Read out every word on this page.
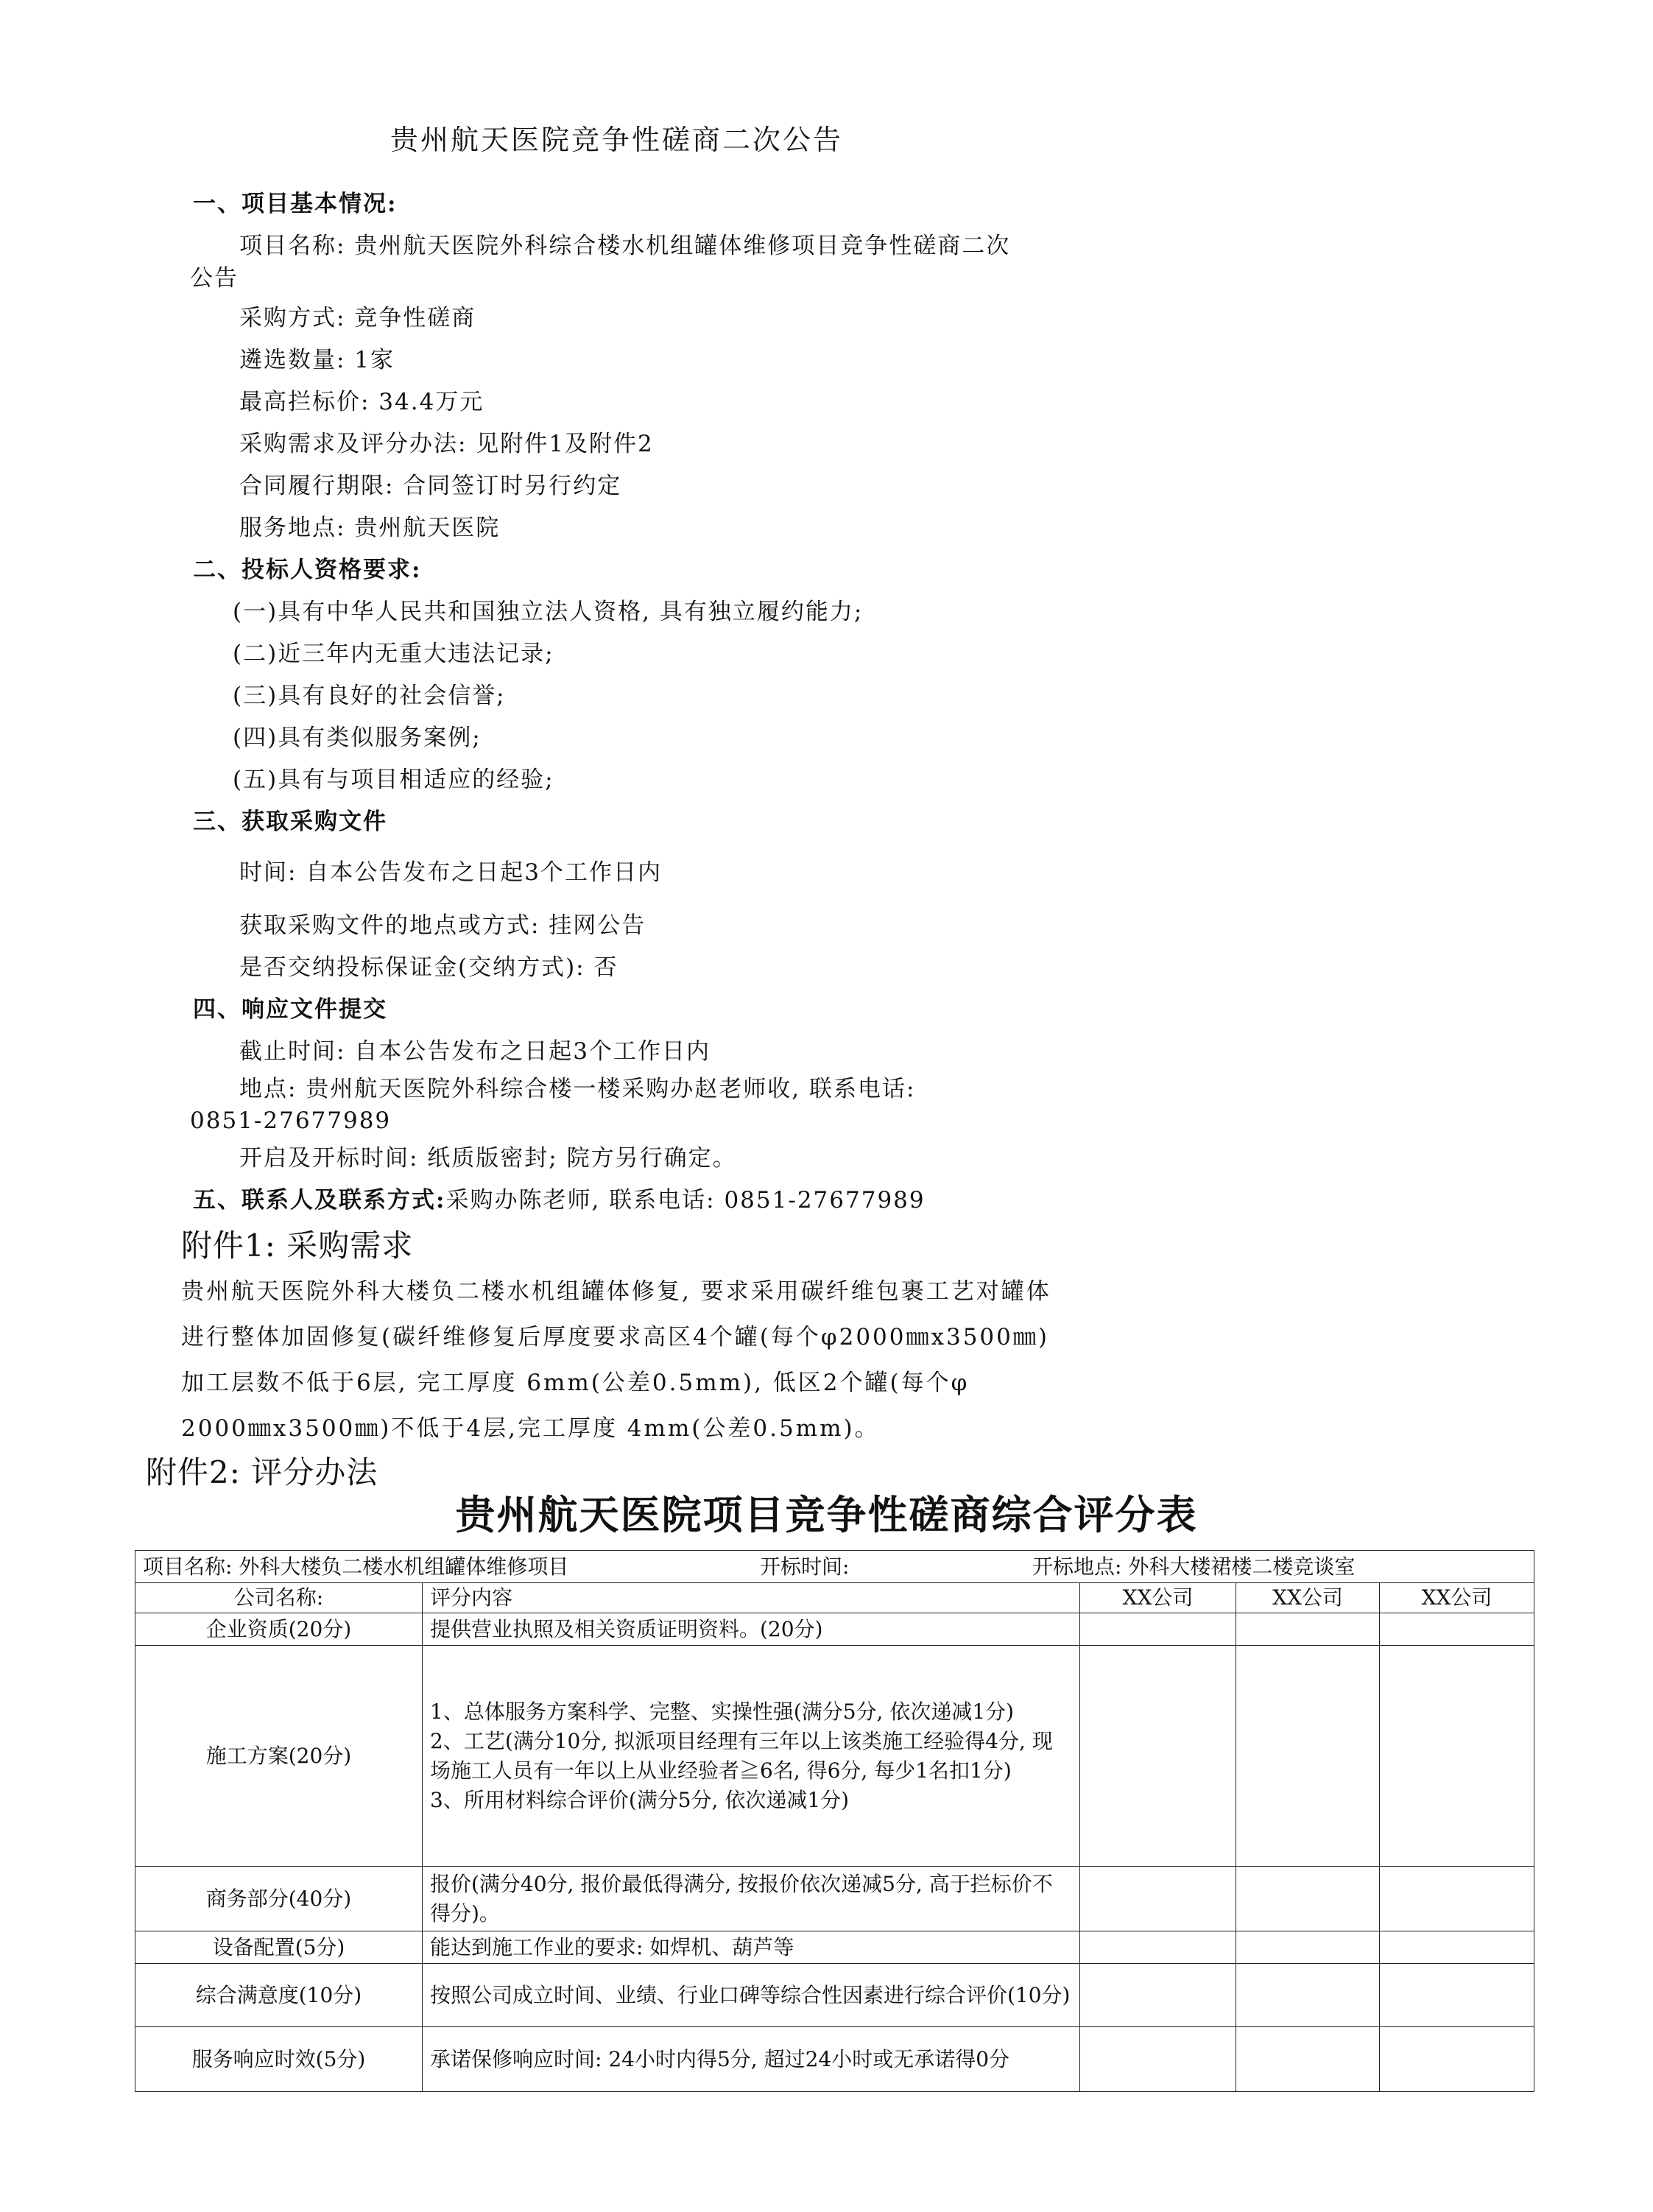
贵州航天医院竞争性磋商二次公告
一、项目基本情况:
项目名称: 贵州航天医院外科综合楼水机组罐体维修项目竞争性磋商二次
公告
采购方式: 竞争性磋商
遴选数量: 1家
最高拦标价: 34.4万元
采购需求及评分办法: 见附件1及附件2
合同履行期限: 合同签订时另行约定
服务地点: 贵州航天医院
二、投标人资格要求:
(一)具有中华人民共和国独立法人资格, 具有独立履约能力;
(二)近三年内无重大违法记录;
(三)具有良好的社会信誉;
(四)具有类似服务案例;
(五)具有与项目相适应的经验;
三、获取采购文件
时间: 自本公告发布之日起3个工作日内
获取采购文件的地点或方式: 挂网公告
是否交纳投标保证金(交纳方式): 否
四、响应文件提交
截止时间: 自本公告发布之日起3个工作日内
地点: 贵州航天医院外科综合楼一楼采购办赵老师收, 联系电话:
0851-27677989
开启及开标时间: 纸质版密封; 院方另行确定。
五、联系人及联系方式:采购办陈老师, 联系电话: 0851-27677989
附件1: 采购需求
贵州航天医院外科大楼负二楼水机组罐体修复, 要求采用碳纤维包裹工艺对罐体
进行整体加固修复(碳纤维修复后厚度要求高区4个罐(每个φ2000㎜x3500㎜)
加工层数不低于6层, 完工厚度 6mm(公差0.5mm), 低区2个罐(每个φ
2000㎜x3500㎜)不低于4层,完工厚度 4mm(公差0.5mm)。
附件2: 评分办法
贵州航天医院项目竞争性磋商综合评分表
项目名称: 外科大楼负二楼水机组罐体维修项目 开标时间: 开标地点: 外科大楼裙楼二楼竞谈室				
公司名称:	评分内容	XX公司	XX公司	XX公司
企业资质(20分)	提供营业执照及相关资质证明资料。(20分)			
施工方案(20分)	1、总体服务方案科学、完整、实操性强(满分5分, 依次递减1分)
2、工艺(满分10分, 拟派项目经理有三年以上该类施工经验得4分, 现场施工人员有一年以上从业经验者≧6名, 得6分, 每少1名扣1分)
3、所用材料综合评价(满分5分, 依次递减1分)			
商务部分(40分)	报价(满分40分, 报价最低得满分, 按报价依次递减5分, 高于拦标价不得分)。			
设备配置(5分)	能达到施工作业的要求: 如焊机、葫芦等			
综合满意度(10分)	按照公司成立时间、业绩、行业口碑等综合性因素进行综合评价(10分)			
服务响应时效(5分)	承诺保修响应时间: 24小时内得5分, 超过24小时或无承诺得0分			
